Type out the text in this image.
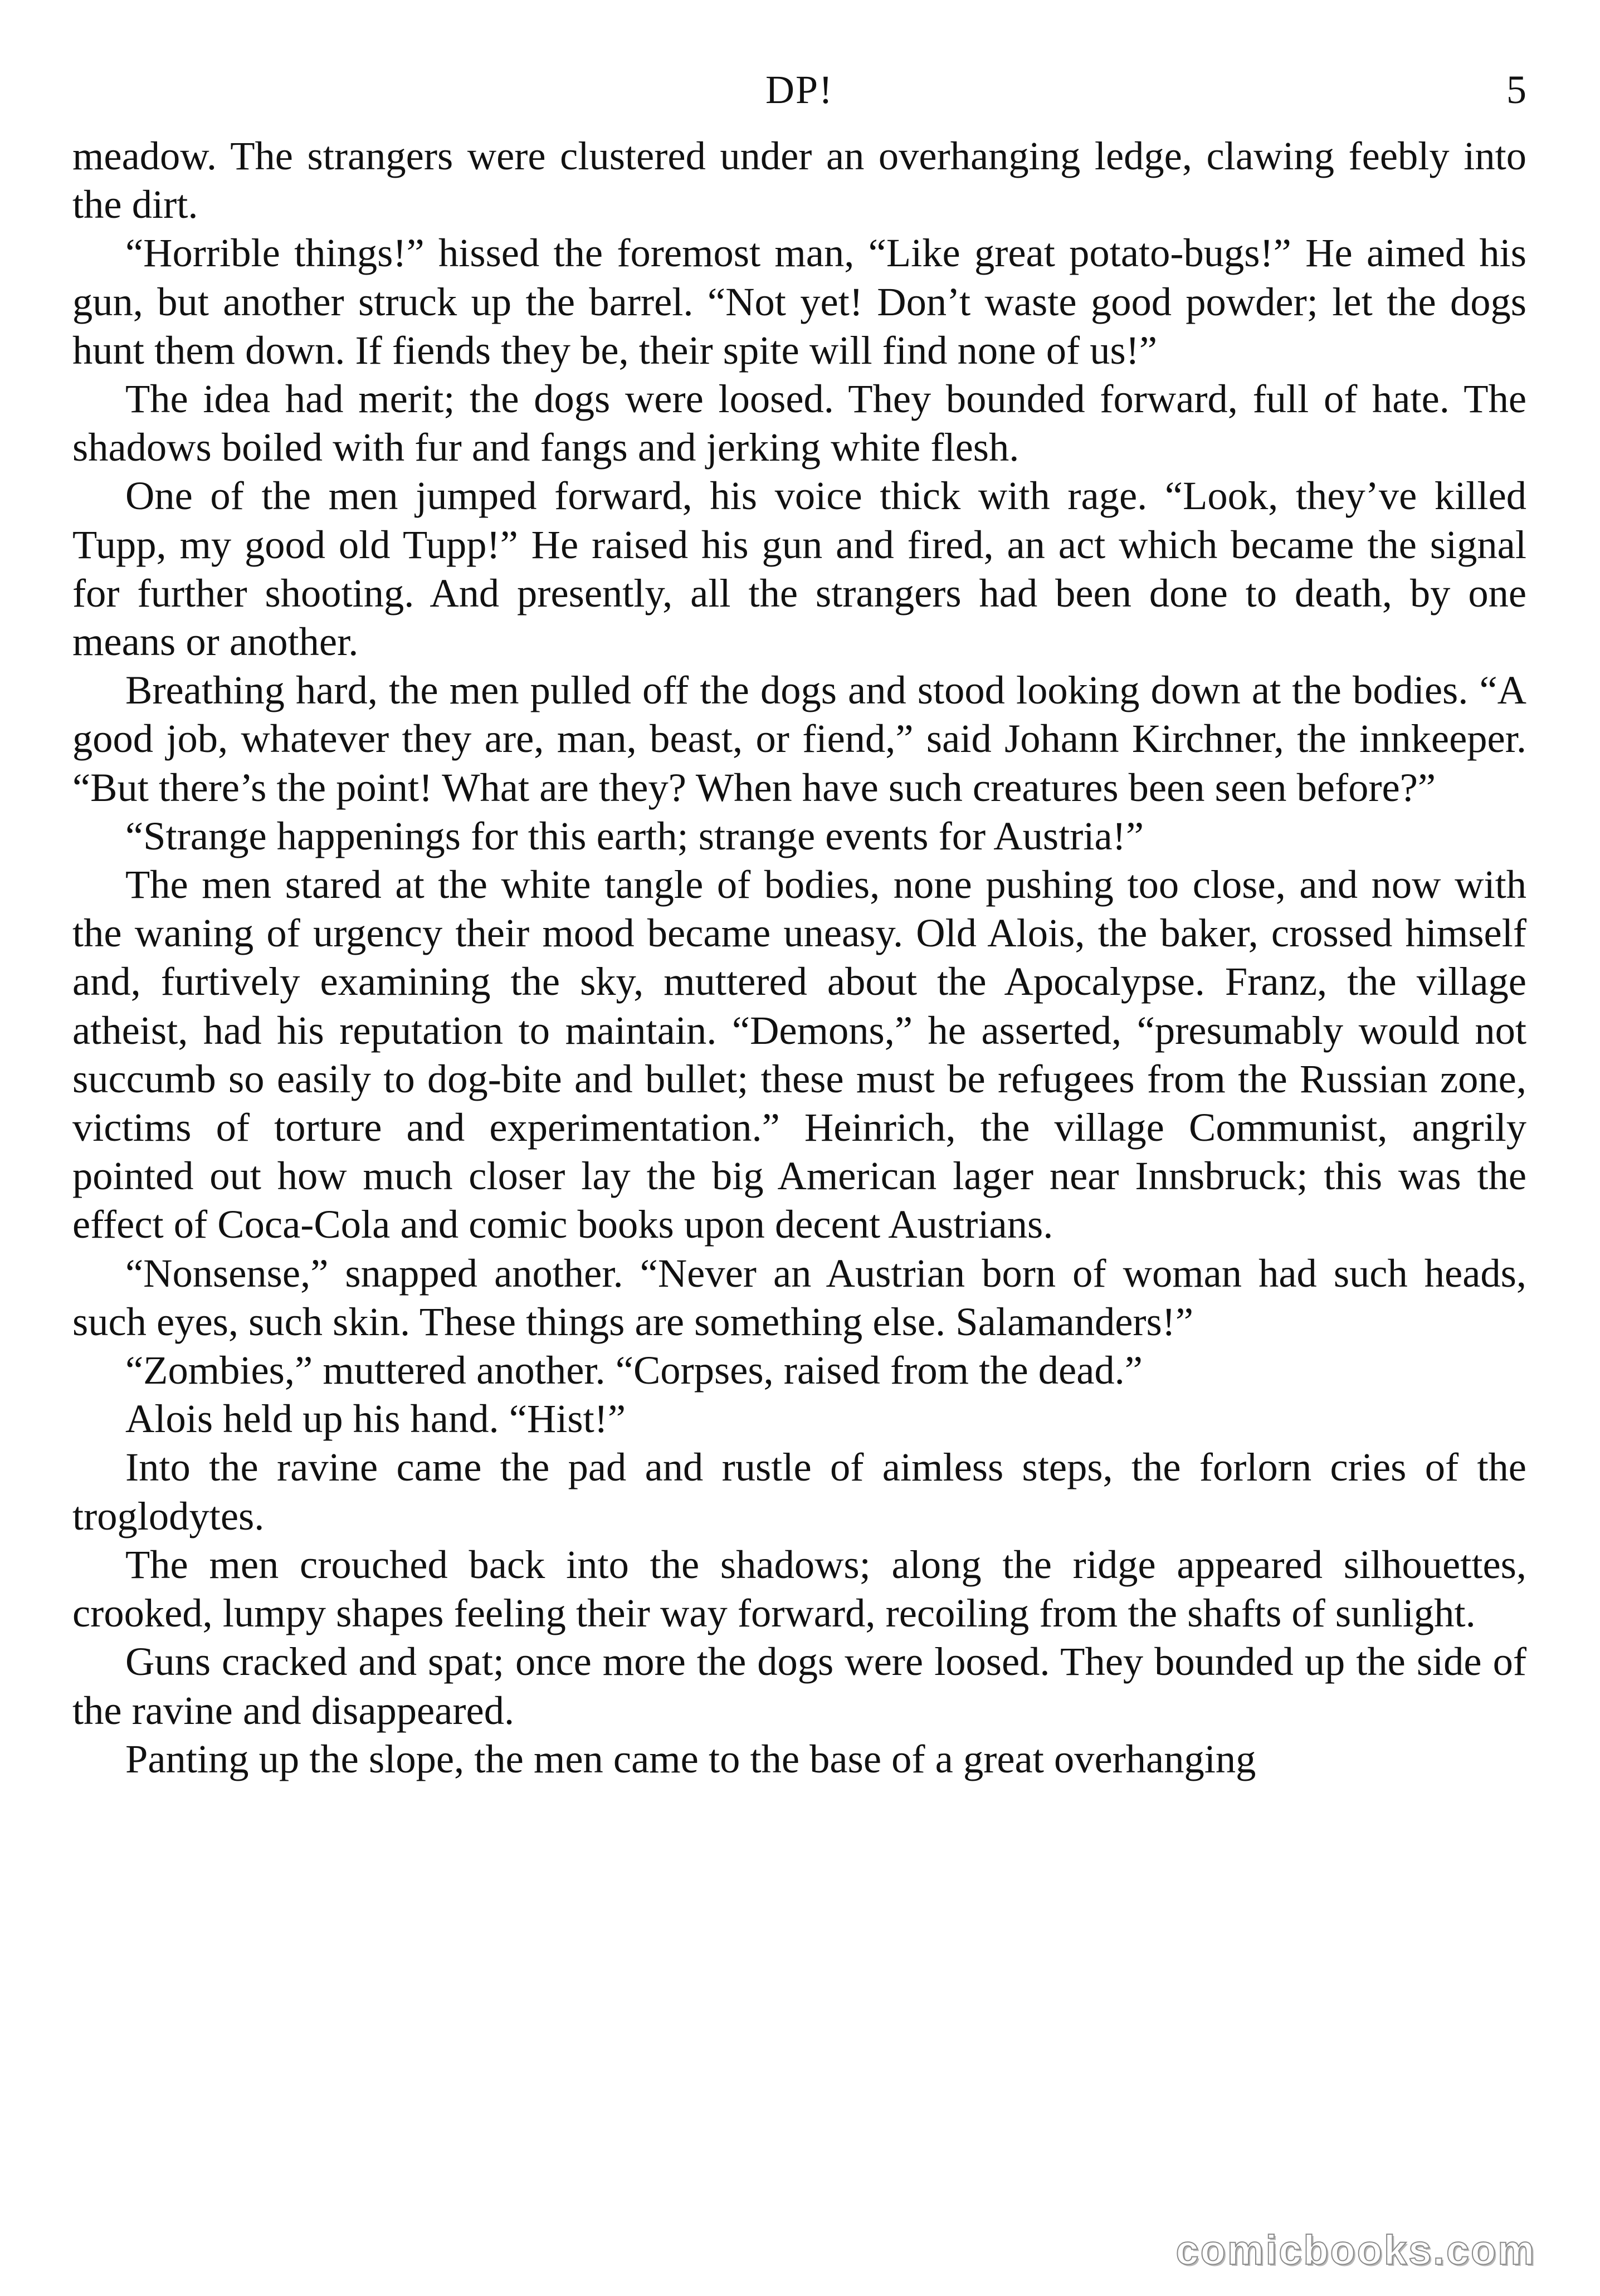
DP!	5

meadow. The strangers were clustered under an overhanging ledge, clawing feebly into the dirt.

“Horrible things!” hissed the foremost man, “Like great potato-bugs!” He aimed his gun, but another struck up the barrel. “Not yet! Don’t waste good powder; let the dogs hunt them down. If fiends they be, their spite will find none of us!”

The idea had merit; the dogs were loosed. They bounded forward, full of hate. The shadows boiled with fur and fangs and jerking white flesh.

One of the men jumped forward, his voice thick with rage. “Look, they’ve killed Tupp, my good old Tupp!” He raised his gun and fired, an act which became the signal for further shooting. And presently, all the strangers had been done to death, by one means or another.

Breathing hard, the men pulled off the dogs and stood looking down at the bodies. “A good job, whatever they are, man, beast, or fiend,” said Johann Kirchner, the innkeeper. “But there’s the point! What are they? When have such creatures been seen before?”

“Strange happenings for this earth; strange events for Austria!”

The men stared at the white tangle of bodies, none pushing too close, and now with the waning of urgency their mood became uneasy. Old Alois, the baker, crossed himself and, furtively examining the sky, muttered about the Apocalypse. Franz, the village atheist, had his reputation to maintain. “Demons,” he asserted, “presumably would not succumb so easily to dog-bite and bullet; these must be refugees from the Russian zone, victims of torture and experimentation.” Heinrich, the village Communist, angrily pointed out how much closer lay the big American lager near Innsbruck; this was the effect of Coca-Cola and comic books upon decent Austrians.

“Nonsense,” snapped another. “Never an Austrian born of woman had such heads, such eyes, such skin. These things are something else. Salamanders!”

“Zombies,” muttered another. “Corpses, raised from the dead.”

Alois held up his hand. “Hist!”

Into the ravine came the pad and rustle of aimless steps, the forlorn cries of the troglodytes.

The men crouched back into the shadows; along the ridge appeared silhouettes, crooked, lumpy shapes feeling their way forward, recoiling from the shafts of sunlight.

Guns cracked and spat; once more the dogs were loosed. They bounded up the side of the ravine and disappeared.

Panting up the slope, the men came to the base of a great overhanging

comicbooks.com
